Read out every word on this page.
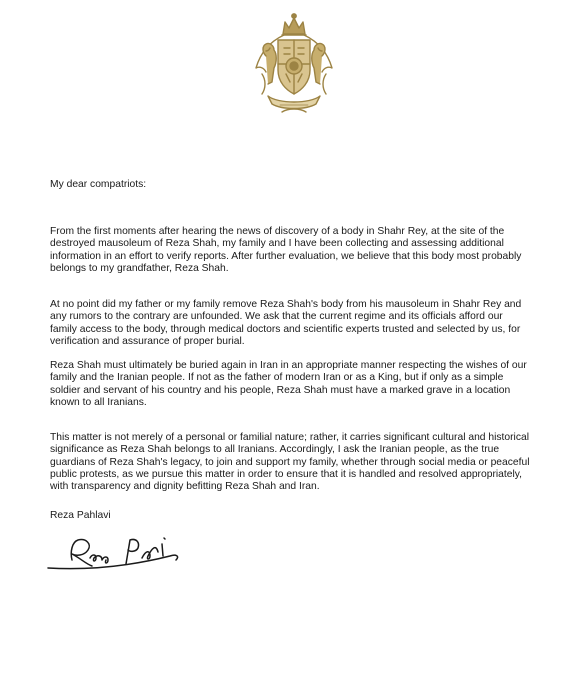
My dear compatriots:

From the first moments after hearing the news of discovery of a body in Shahr Rey, at the site of the
destroyed mausoleum of Reza Shah, my family and I have been collecting and assessing additional
information in an effort to verify reports. After further evaluation, we believe that this body most probably
belongs to my grandfather, Reza Shah.

At no point did my father or my family remove Reza Shah's body from his mausoleum in Shahr Rey and
any rumors to the contrary are unfounded. We ask that the current regime and its officials afford our
family access to the body, through medical doctors and scientific experts trusted and selected by us, for
verification and assurance of proper burial.

Reza Shah must ultimately be buried again in Iran in an appropriate manner respecting the wishes of our
family and the Iranian people. If not as the father of modern Iran or as a King, but if only as a simple
soldier and servant of his country and his people, Reza Shah must have a marked grave in a location
known to all Iranians.

This matter is not merely of a personal or familial nature; rather, it carries significant cultural and historical
significance as Reza Shah belongs to all Iranians. Accordingly, I ask the Iranian people, as the true
guardians of Reza Shah's legacy, to join and support my family, whether through social media or peaceful
public protests, as we pursue this matter in order to ensure that it is handled and resolved appropriately,
with transparency and dignity befitting Reza Shah and Iran.

Reza Pahlavi
